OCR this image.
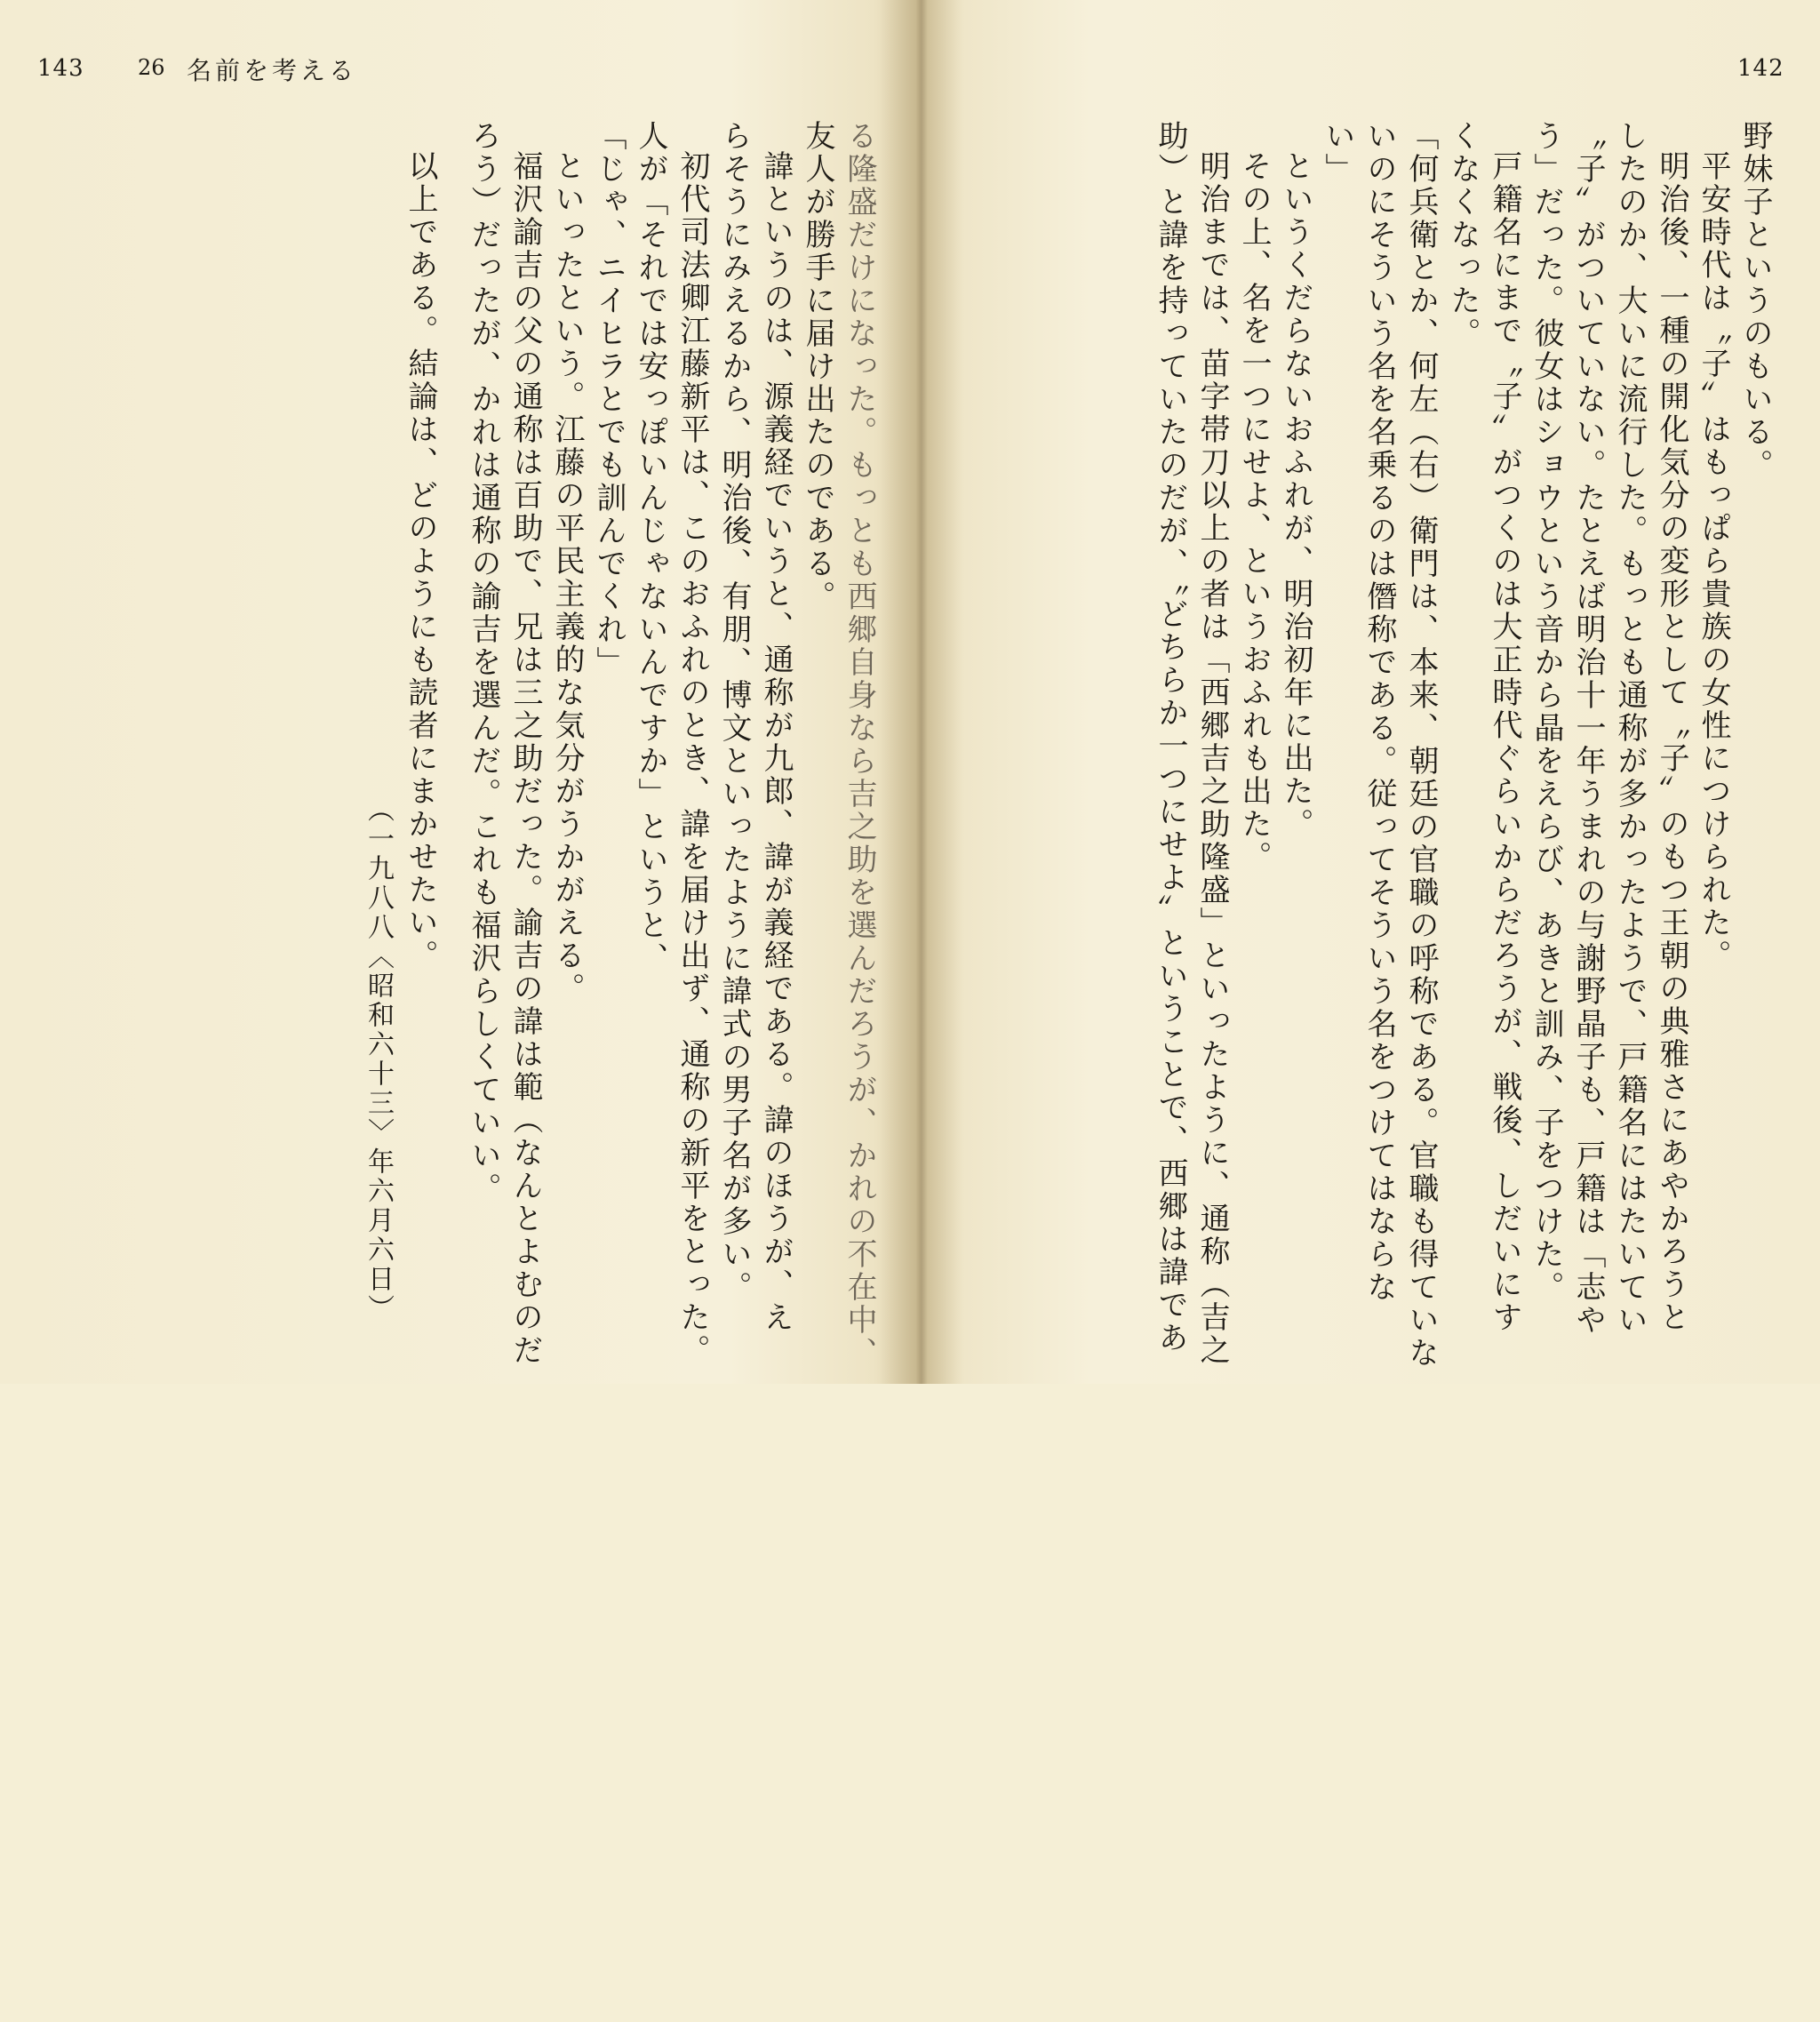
143	26 名前を考える

る隆盛だけになった。もっとも西郷自身なら吉之助を選んだろうが、かれの不在中、

友人が勝手に届け出たのである。

諱というのは、源義経でいうと、通称が九郎、諱が義経である。諱のほうが、え

らそうにみえるから、明治後、有朋、博文といったように諱式の男子名が多い。

初代司法卿江藤新平は、このおふれのとき、諱を届け出ず、通称の新平をとった。

人が「それでは安っぽいんじゃないんですか」というと、

「じゃ、ニイヒラとでも訓んでくれ」

といったという。江藤の平民主義的な気分がうかがえる。

福沢諭吉の父の通称は百助で、兄は三之助だった。諭吉の諱は範（なんとよむのだ

ろう）だったが、かれは通称の諭吉を選んだ。これも福沢らしくていい。

以上である。結論は、どのようにも読者にまかせたい。

（一九八八〈昭和六十三〉年六月六日）

142

野妹子というのもいる。

平安時代は〝子〟はもっぱら貴族の女性につけられた。

明治後、一種の開化気分の変形として〝子〟のもつ王朝の典雅さにあやかろうと

したのか、大いに流行した。もっとも通称が多かったようで、戸籍名にはたいてい

〝子〟がついていない。たとえば明治十一年うまれの与謝野晶子も、戸籍は「志や

う」だった。彼女はショウという音から晶をえらび、あきと訓み、子をつけた。

戸籍名にまで〝子〟がつくのは大正時代ぐらいからだろうが、戦後、しだいにす

くなくなった。

「何兵衛とか、何左（右）衛門は、本来、朝廷の官職の呼称である。官職も得ていな

いのにそういう名を名乗るのは僭称である。従ってそういう名をつけてはならな

い」

というくだらないおふれが、明治初年に出た。

その上、名を一つにせよ、というおふれも出た。

明治までは、苗字帯刀以上の者は「西郷吉之助隆盛」といったように、通称（吉之

助）と諱を持っていたのだが、〝どちらか一つにせよ〟ということで、西郷は諱であ
